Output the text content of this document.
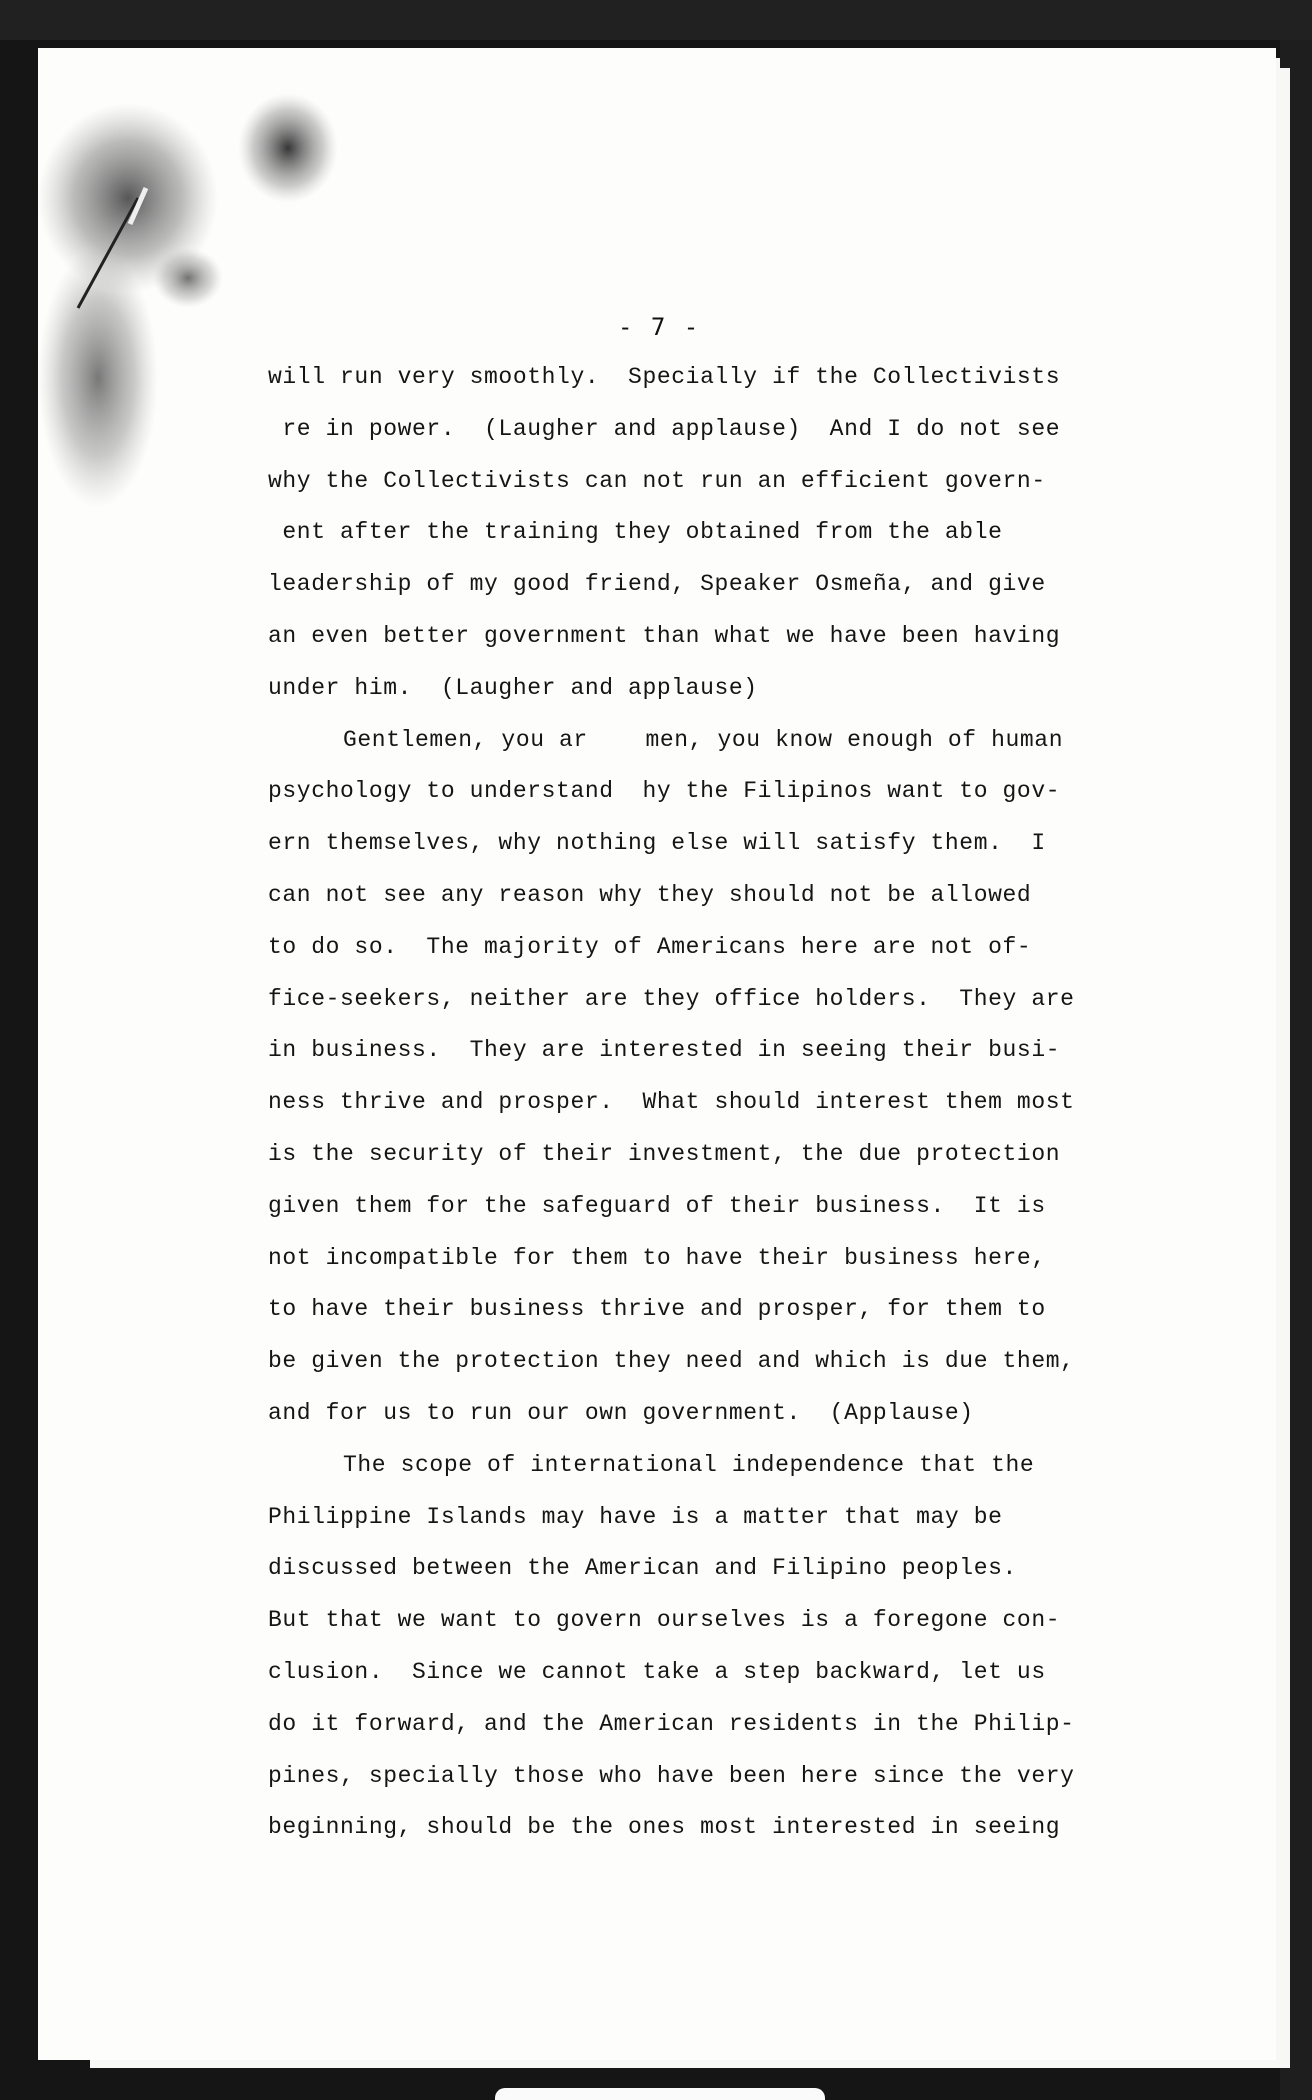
- 7 -
will run very smoothly.  Specially if the Collectivists
re in power.  (Laugher and applause)  And I do not see
why the Collectivists can not run an efficient govern-
ent after the training they obtained from the able
leadership of my good friend, Speaker Osmeña, and give
an even better government than what we have been having
under him.  (Laugher and applause)
Gentlemen, you ar    men, you know enough of human
psychology to understand  hy the Filipinos want to gov-
ern themselves, why nothing else will satisfy them.  I
can not see any reason why they should not be allowed
to do so.  The majority of Americans here are not of-
fice-seekers, neither are they office holders.  They are
in business.  They are interested in seeing their busi-
ness thrive and prosper.  What should interest them most
is the security of their investment, the due protection
given them for the safeguard of their business.  It is
not incompatible for them to have their business here,
to have their business thrive and prosper, for them to
be given the protection they need and which is due them,
and for us to run our own government.  (Applause)
The scope of international independence that the
Philippine Islands may have is a matter that may be
discussed between the American and Filipino peoples.
But that we want to govern ourselves is a foregone con-
clusion.  Since we cannot take a step backward, let us
do it forward, and the American residents in the Philip-
pines, specially those who have been here since the very
beginning, should be the ones most interested in seeing
